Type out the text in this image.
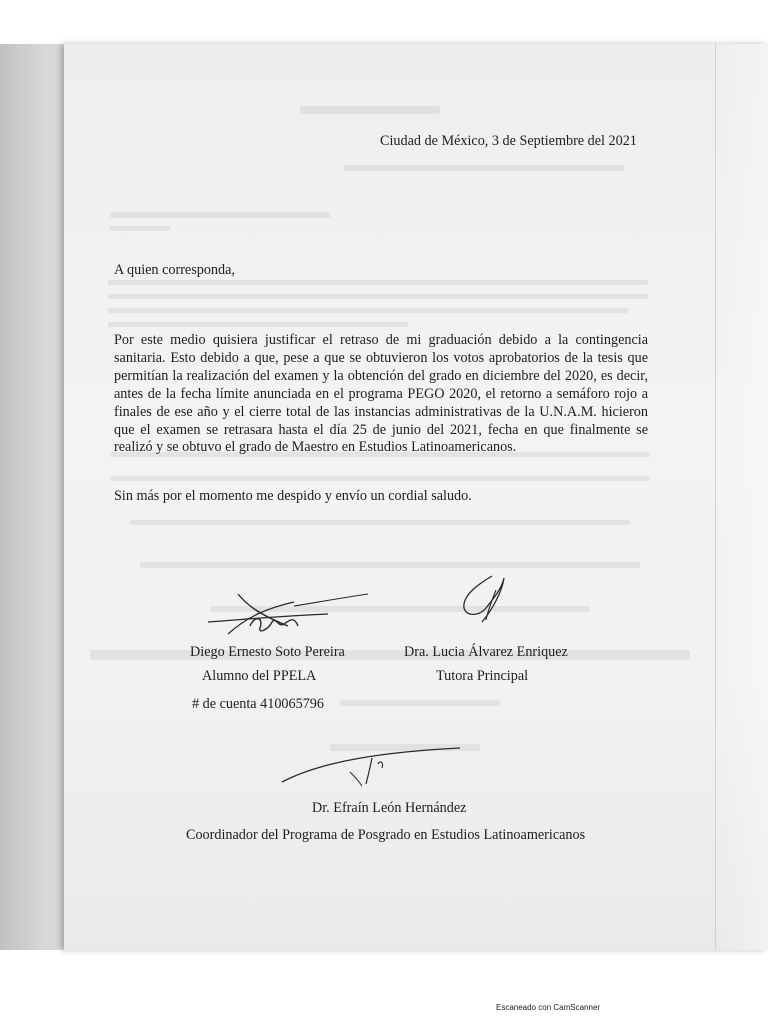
Ciudad de México, 3 de Septiembre del 2021
A quien corresponda,
Por este medio quisiera justificar el retraso de mi graduación debido a la contingencia
sanitaria. Esto debido a que, pese a que se obtuvieron los votos aprobatorios de la tesis que
permitían la realización del examen y la obtención del grado en diciembre del 2020, es decir,
antes de la fecha límite anunciada en el programa PEGO 2020, el retorno a semáforo rojo a
finales de ese año y el cierre total de las instancias administrativas de la U.N.A.M. hicieron
que el examen se retrasara hasta el día 25 de junio del 2021, fecha en que finalmente se
realizó y se obtuvo el grado de Maestro en Estudios Latinoamericanos.
Sin más por el momento me despido y envío un cordial saludo.
Diego Ernesto Soto Pereira	Dra. Lucia Álvarez Enriquez
Alumno del PPELA	Tutora Principal
# de cuenta 410065796
Dr. Efraín León Hernández
Coordinador del Programa de Posgrado en Estudios Latinoamericanos
Escaneado con CamScanner
